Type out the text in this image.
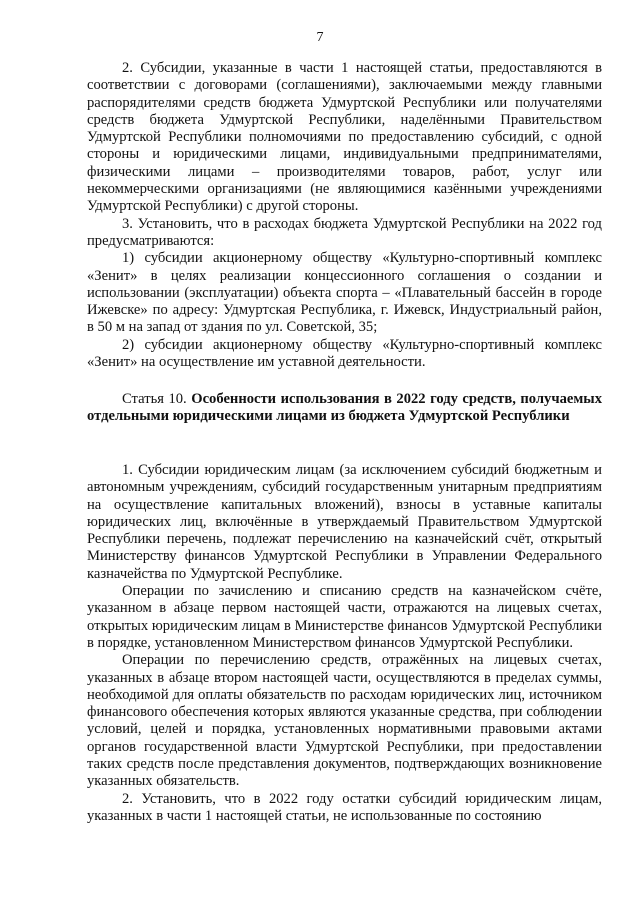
7

2. Субсидии, указанные в части 1 настоящей статьи, предоставляются в соответствии с договорами (соглашениями), заключаемыми между главными распорядителями средств бюджета Удмуртской Республики или получателями средств бюджета Удмуртской Республики, наделёнными Правительством Удмуртской Республики полномочиями по предоставлению субсидий, с одной стороны и юридическими лицами, индивидуальными предпринимателями, физическими лицами – производителями товаров, работ, услуг или некоммерческими организациями (не являющимися казёнными учреждениями Удмуртской Республики) с другой стороны.

3. Установить, что в расходах бюджета Удмуртской Республики на 2022 год предусматриваются:

1) субсидии акционерному обществу «Культурно-спортивный комплекс «Зенит» в целях реализации концессионного соглашения о создании и использовании (эксплуатации) объекта спорта – «Плавательный бассейн в городе Ижевске» по адресу: Удмуртская Республика, г. Ижевск, Индустриальный район, в 50 м на запад от здания по ул. Советской, 35;

2) субсидии акционерному обществу «Культурно-спортивный комплекс «Зенит» на осуществление им уставной деятельности.

Статья 10. Особенности использования в 2022 году средств, получаемых отдельными юридическими лицами из бюджета Удмуртской Республики

1. Субсидии юридическим лицам (за исключением субсидий бюджетным и автономным учреждениям, субсидий государственным унитарным предприятиям на осуществление капитальных вложений), взносы в уставные капиталы юридических лиц, включённые в утверждаемый Правительством Удмуртской Республики перечень, подлежат перечислению на казначейский счёт, открытый Министерству финансов Удмуртской Республики в Управлении Федерального казначейства по Удмуртской Республике.

Операции по зачислению и списанию средств на казначейском счёте, указанном в абзаце первом настоящей части, отражаются на лицевых счетах, открытых юридическим лицам в Министерстве финансов Удмуртской Республики в порядке, установленном Министерством финансов Удмуртской Республики.

Операции по перечислению средств, отражённых на лицевых счетах, указанных в абзаце втором настоящей части, осуществляются в пределах суммы, необходимой для оплаты обязательств по расходам юридических лиц, источником финансового обеспечения которых являются указанные средства, при соблюдении условий, целей и порядка, установленных нормативными правовыми актами органов государственной власти Удмуртской Республики, при предоставлении таких средств после представления документов, подтверждающих возникновение указанных обязательств.

2. Установить, что в 2022 году остатки субсидий юридическим лицам, указанных в части 1 настоящей статьи, не использованные по состоянию
